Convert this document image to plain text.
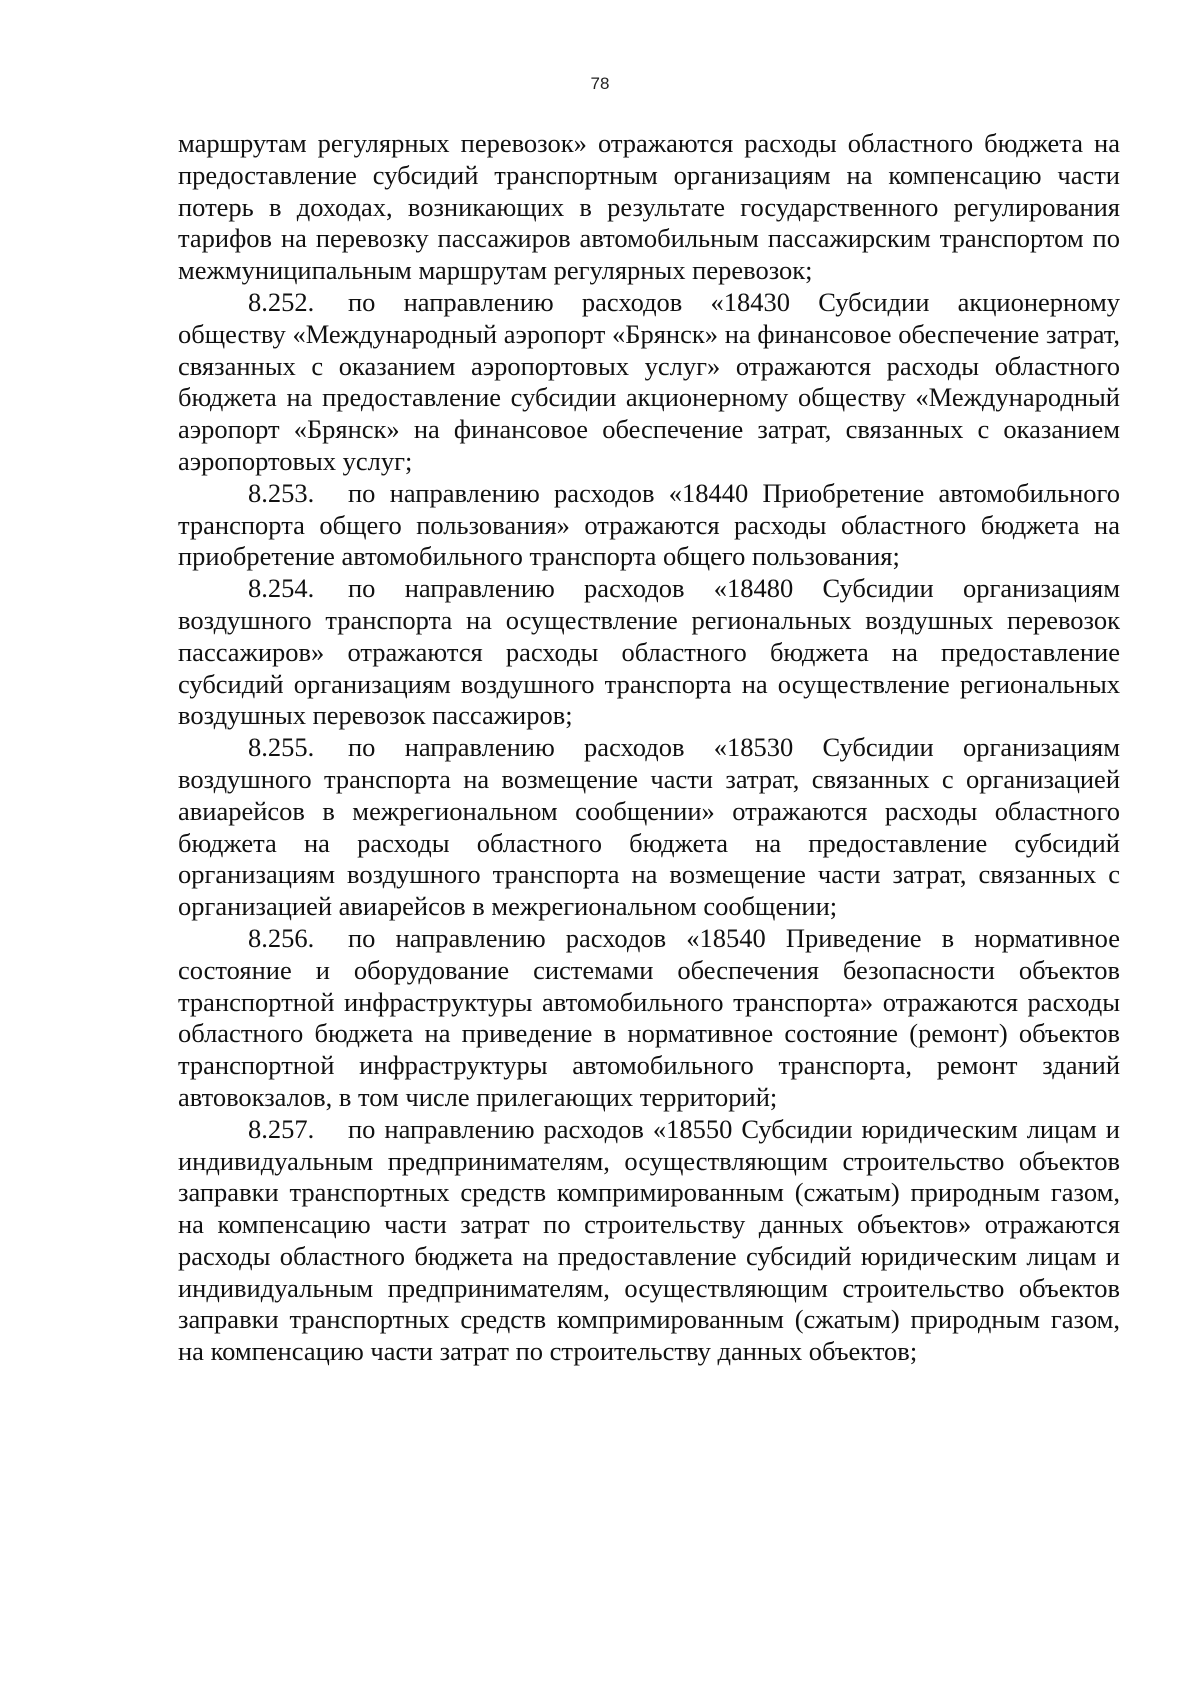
78

маршрутам регулярных перевозок» отражаются расходы областного бюджета на предоставление субсидий транспортным организациям на компенсацию части потерь в доходах, возникающих в результате государственного регулирования тарифов на перевозку пассажиров автомобильным пассажирским транспортом по межмуниципальным маршрутам регулярных перевозок;

8.252. по направлению расходов «18430 Субсидии акционерному обществу «Международный аэропорт «Брянск» на финансовое обеспечение затрат, связанных с оказанием аэропортовых услуг» отражаются расходы областного бюджета на предоставление субсидии акционерному обществу «Международный аэропорт «Брянск» на финансовое обеспечение затрат, связанных с оказанием аэропортовых услуг;

8.253. по направлению расходов «18440 Приобретение автомобильного транспорта общего пользования» отражаются расходы областного бюджета на приобретение автомобильного транспорта общего пользования;

8.254. по направлению расходов «18480 Субсидии организациям воздушного транспорта на осуществление региональных воздушных перевозок пассажиров» отражаются расходы областного бюджета на предоставление субсидий организациям воздушного транспорта на осуществление региональных воздушных перевозок пассажиров;

8.255. по направлению расходов «18530 Субсидии организациям воздушного транспорта на возмещение части затрат, связанных с организацией авиарейсов в межрегиональном сообщении» отражаются расходы областного бюджета на расходы областного бюджета на предоставление субсидий организациям воздушного транспорта на возмещение части затрат, связанных с организацией авиарейсов в межрегиональном сообщении;

8.256. по направлению расходов «18540 Приведение в нормативное состояние и оборудование системами обеспечения безопасности объектов транспортной инфраструктуры автомобильного транспорта» отражаются расходы областного бюджета на приведение в нормативное состояние (ремонт) объектов транспортной инфраструктуры автомобильного транспорта, ремонт зданий автовокзалов, в том числе прилегающих территорий;

8.257. по направлению расходов «18550 Субсидии юридическим лицам и индивидуальным предпринимателям, осуществляющим строительство объектов заправки транспортных средств компримированным (сжатым) природным газом, на компенсацию части затрат по строительству данных объектов» отражаются расходы областного бюджета на предоставление субсидий юридическим лицам и индивидуальным предпринимателям, осуществляющим строительство объектов заправки транспортных средств компримированным (сжатым) природным газом, на компенсацию части затрат по строительству данных объектов;
